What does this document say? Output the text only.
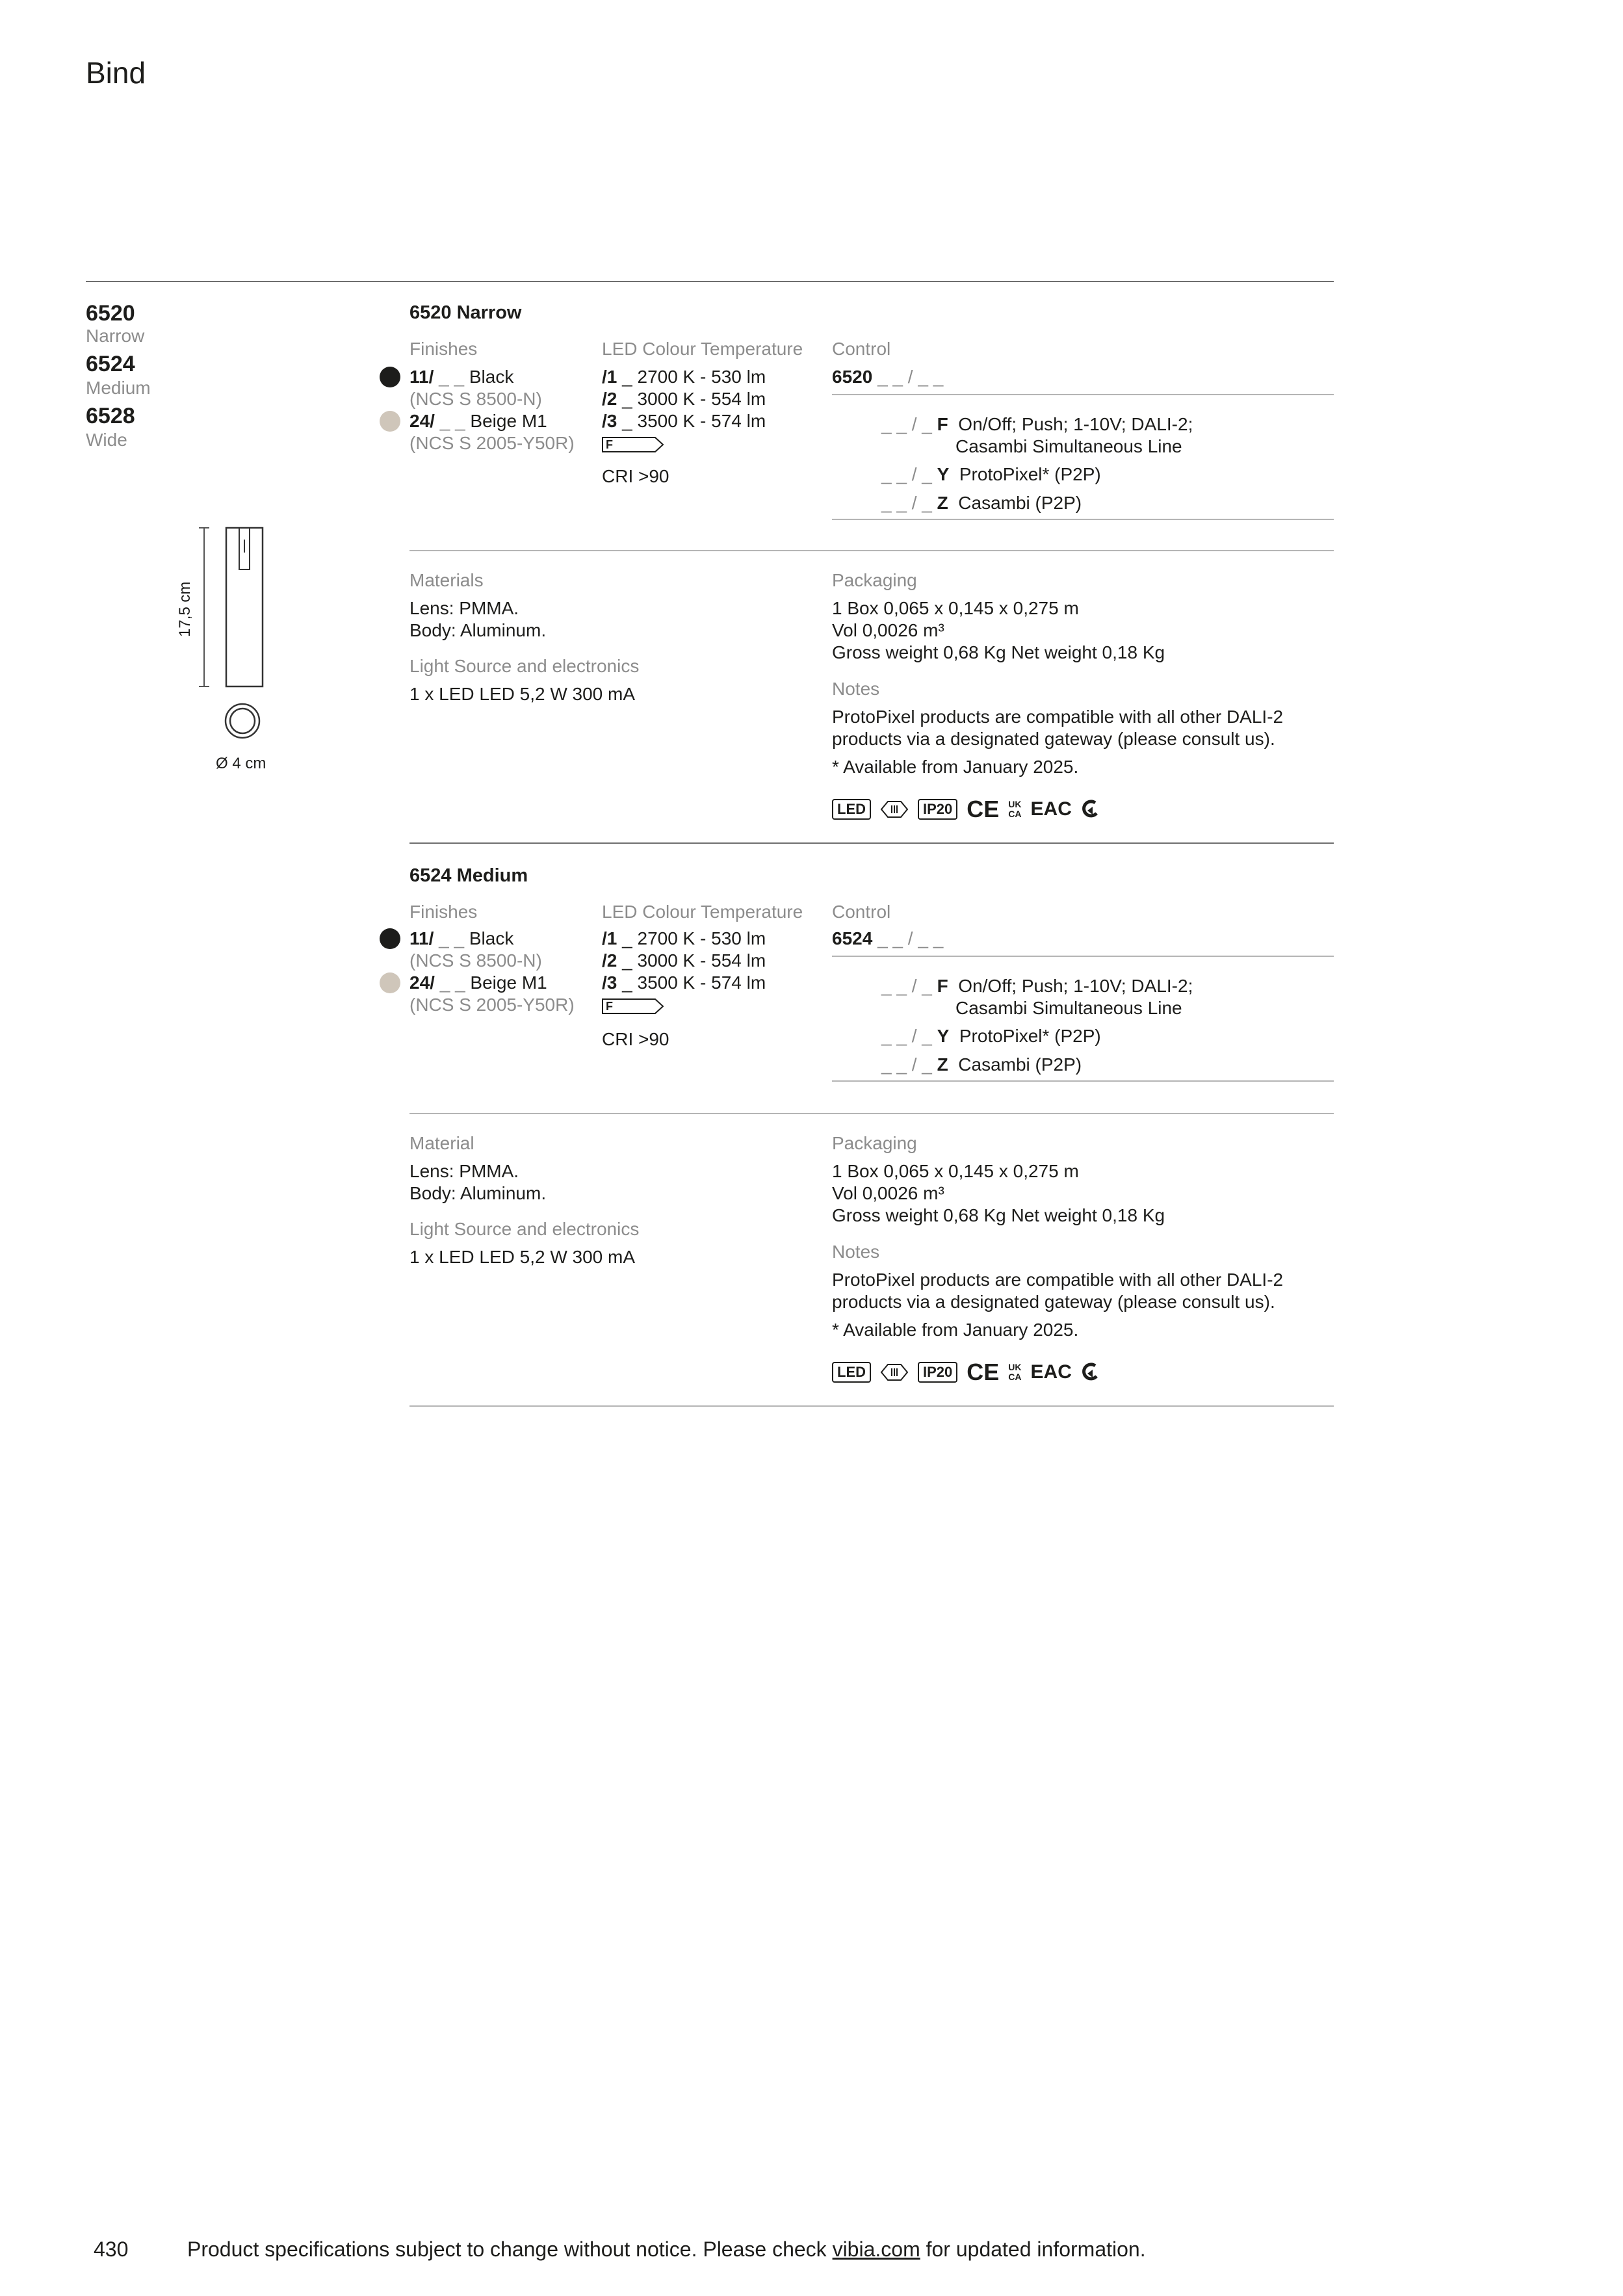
Bind
6520
Narrow
6524
Medium
6528
Wide
17,5 cm
Ø 4 cm
6520 Narrow
Finishes
11/ _ _ Black
(NCS S 8500-N)
24/ _ _ Beige M1
(NCS S 2005-Y50R)
LED Colour Temperature
/1 _ 2700 K - 530 lm
/2 _ 3000 K - 554 lm
/3 _ 3500 K - 574 lm
F
CRI >90
Control
6520 _ _ / _ _
_ _ / _ F On/Off; Push; 1-10V; DALI-2;
Casambi Simultaneous Line
_ _ / _ Y ProtoPixel* (P2P)
_ _ / _ Z Casambi (P2P)
Materials
Lens: PMMA.
Body: Aluminum.
Light Source and electronics
1 x LED LED 5,2 W 300 mA
Packaging
1 Box 0,065 x 0,145 x 0,275 m
Vol 0,0026 m³
Gross weight 0,68 Kg Net weight 0,18 Kg
Notes
ProtoPixel products are compatible with all other DALI-2
products via a designated gateway (please consult us).
* Available from January 2025.
LED	IP20 CE UK
CA EAC
6524 Medium
Finishes
11/ _ _ Black
(NCS S 8500-N)
24/ _ _ Beige M1
(NCS S 2005-Y50R)
LED Colour Temperature
/1 _ 2700 K - 530 lm
/2 _ 3000 K - 554 lm
/3 _ 3500 K - 574 lm
F
CRI >90
Control
6524 _ _ / _ _
_ _ / _ F On/Off; Push; 1-10V; DALI-2;
Casambi Simultaneous Line
_ _ / _ Y ProtoPixel* (P2P)
_ _ / _ Z Casambi (P2P)
Material
Lens: PMMA.
Body: Aluminum.
Light Source and electronics
1 x LED LED 5,2 W 300 mA
Packaging
1 Box 0,065 x 0,145 x 0,275 m
Vol 0,0026 m³
Gross weight 0,68 Kg Net weight 0,18 Kg
Notes
ProtoPixel products are compatible with all other DALI-2
products via a designated gateway (please consult us).
* Available from January 2025.
LED	IP20 CE UK
CA EAC
430	Product specifications subject to change without notice. Please check vibia.com for updated information.
